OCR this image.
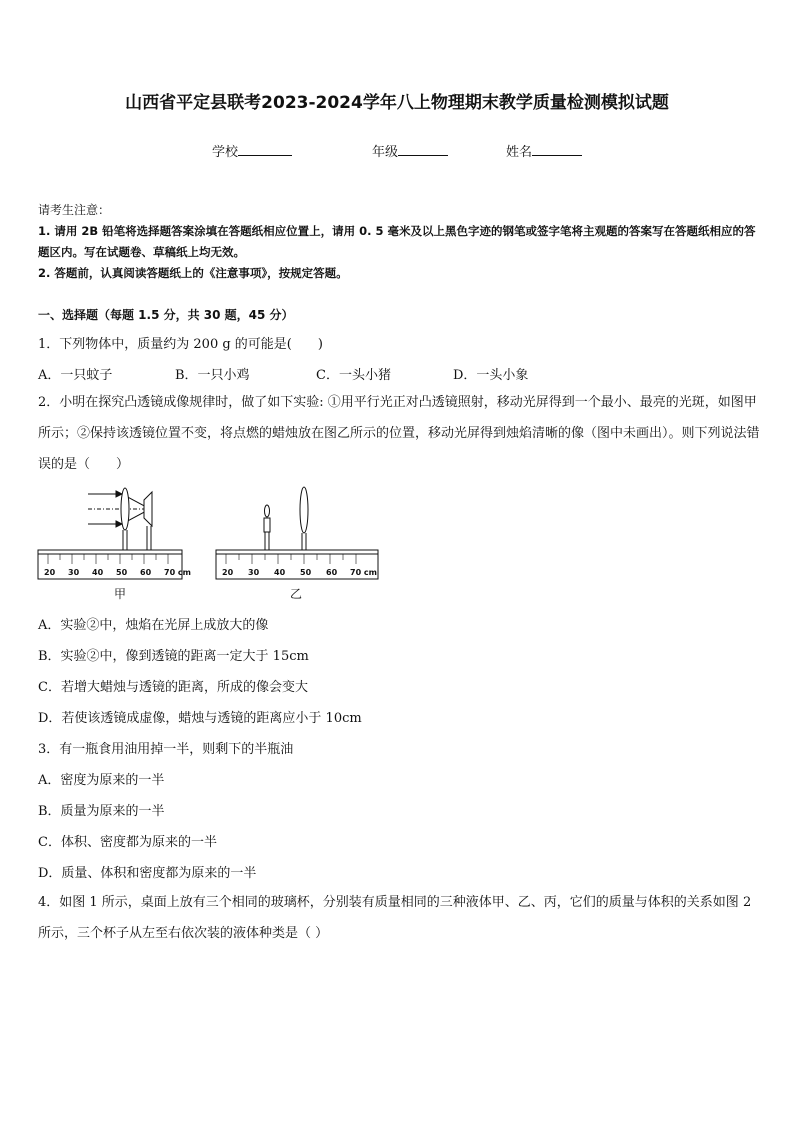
山西省平定县联考2023-2024学年八上物理期末教学质量检测模拟试题
学校	年级	姓名
请考生注意：
1. 请用 2B 铅笔将选择题答案涂填在答题纸相应位置上，请用 0. 5 毫米及以上黑色字迹的钢笔或签字笔将主观题的答案写在答题纸相应的答题区内。写在试题卷、草稿纸上均无效。
2. 答题前，认真阅读答题纸上的《注意事项》，按规定答题。
一、选择题（每题 1.5 分，共 30 题，45 分）
1．下列物体中，质量约为 200 g 的可能是(　　)
A．一只蚊子	B．一只小鸡	C．一头小猪	D．一头小象
2．小明在探究凸透镜成像规律时，做了如下实验: ①用平行光正对凸透镜照射，移动光屏得到一个最小、最亮的光斑，如图甲所示；②保持该透镜位置不变，将点燃的蜡烛放在图乙所示的位置，移动光屏得到烛焰清晰的像（图中未画出）。则下列说法错误的是（　　）
20 30 40 50 60 70 cm
甲
20 30 40 50 60 70 cm
乙
A．实验②中，烛焰在光屏上成放大的像
B．实验②中，像到透镜的距离一定大于 15cm
C．若增大蜡烛与透镜的距离，所成的像会变大
D．若使该透镜成虚像，蜡烛与透镜的距离应小于 10cm
3．有一瓶食用油用掉一半，则剩下的半瓶油
A．密度为原来的一半
B．质量为原来的一半
C．体积、密度都为原来的一半
D．质量、体积和密度都为原来的一半
4．如图 1 所示，桌面上放有三个相同的玻璃杯，分别装有质量相同的三种液体甲、乙、丙，它们的质量与体积的关系如图 2 所示，三个杯子从左至右依次装的液体种类是（ ）
